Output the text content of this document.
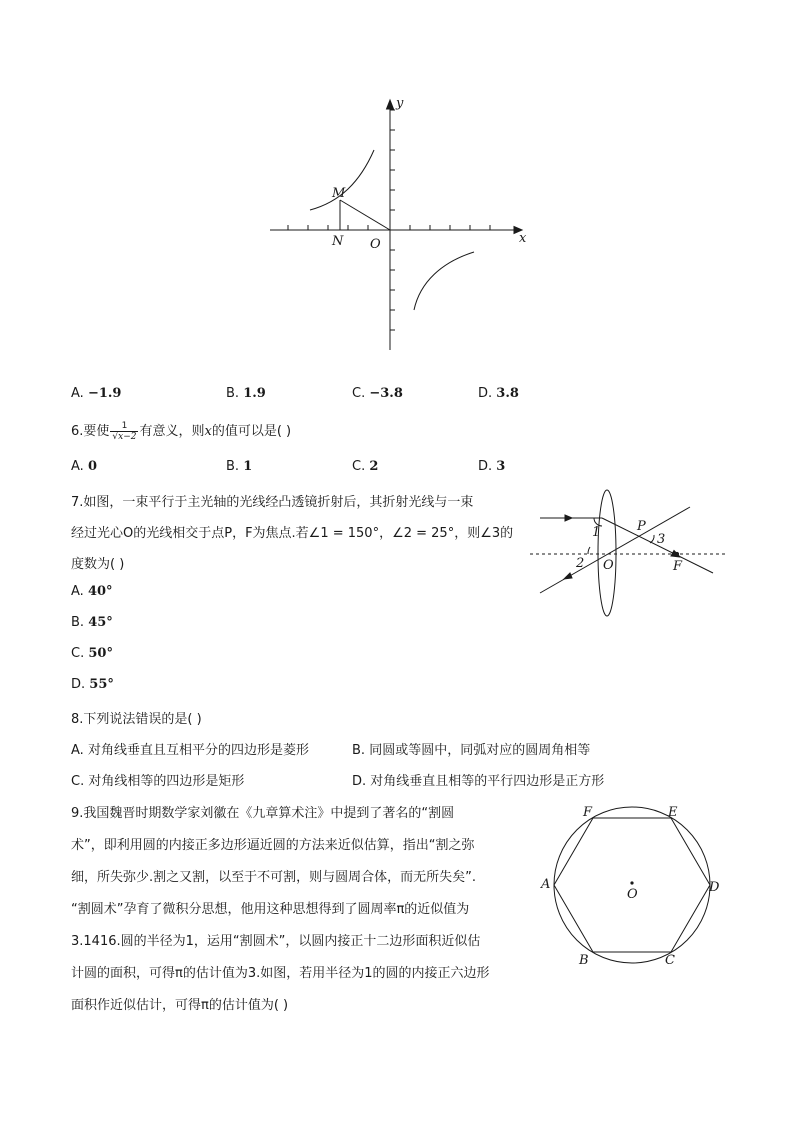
y
x
M
N O
A. −1.9	B. 1.9	C. −3.8	D. 3.8
6.要使 $\frac{1}{√x-2}$ 有意义，则x的值可以是( )
A. 0	B. 1	C. 2	D. 3
7.如图，一束平行于主光轴的光线经凸透镜折射后，其折射光线与一束
经过光心O的光线相交于点P，F为焦点.若∠1 = 150°，∠2 = 25°，则∠3的
度数为( )
A. 40°
B. 45°
C. 50°
D. 55°
1
2
3
P
O	F
8.下列说法错误的是( )
A. 对角线垂直且互相平分的四边形是菱形	B. 同圆或等圆中，同弧对应的圆周角相等
C. 对角线相等的四边形是矩形	D. 对角线垂直且相等的平行四边形是正方形
9.我国魏晋时期数学家刘徽在《九章算术注》中提到了著名的“割圆
术”，即利用圆的内接正多边形逼近圆的方法来近似估算，指出“割之弥
细，所失弥少.割之又割，以至于不可割，则与圆周合体，而无所失矣”.
“割圆术”孕育了微积分思想，他用这种思想得到了圆周率π的近似值为
3.1416.圆的半径为1，运用“割圆术”，以圆内接正十二边形面积近似估
计圆的面积，可得π的估计值为3.如图，若用半径为1的圆的内接正六边形
面积作近似估计，可得π的估计值为( )
A
B	C
D
E
F
O
